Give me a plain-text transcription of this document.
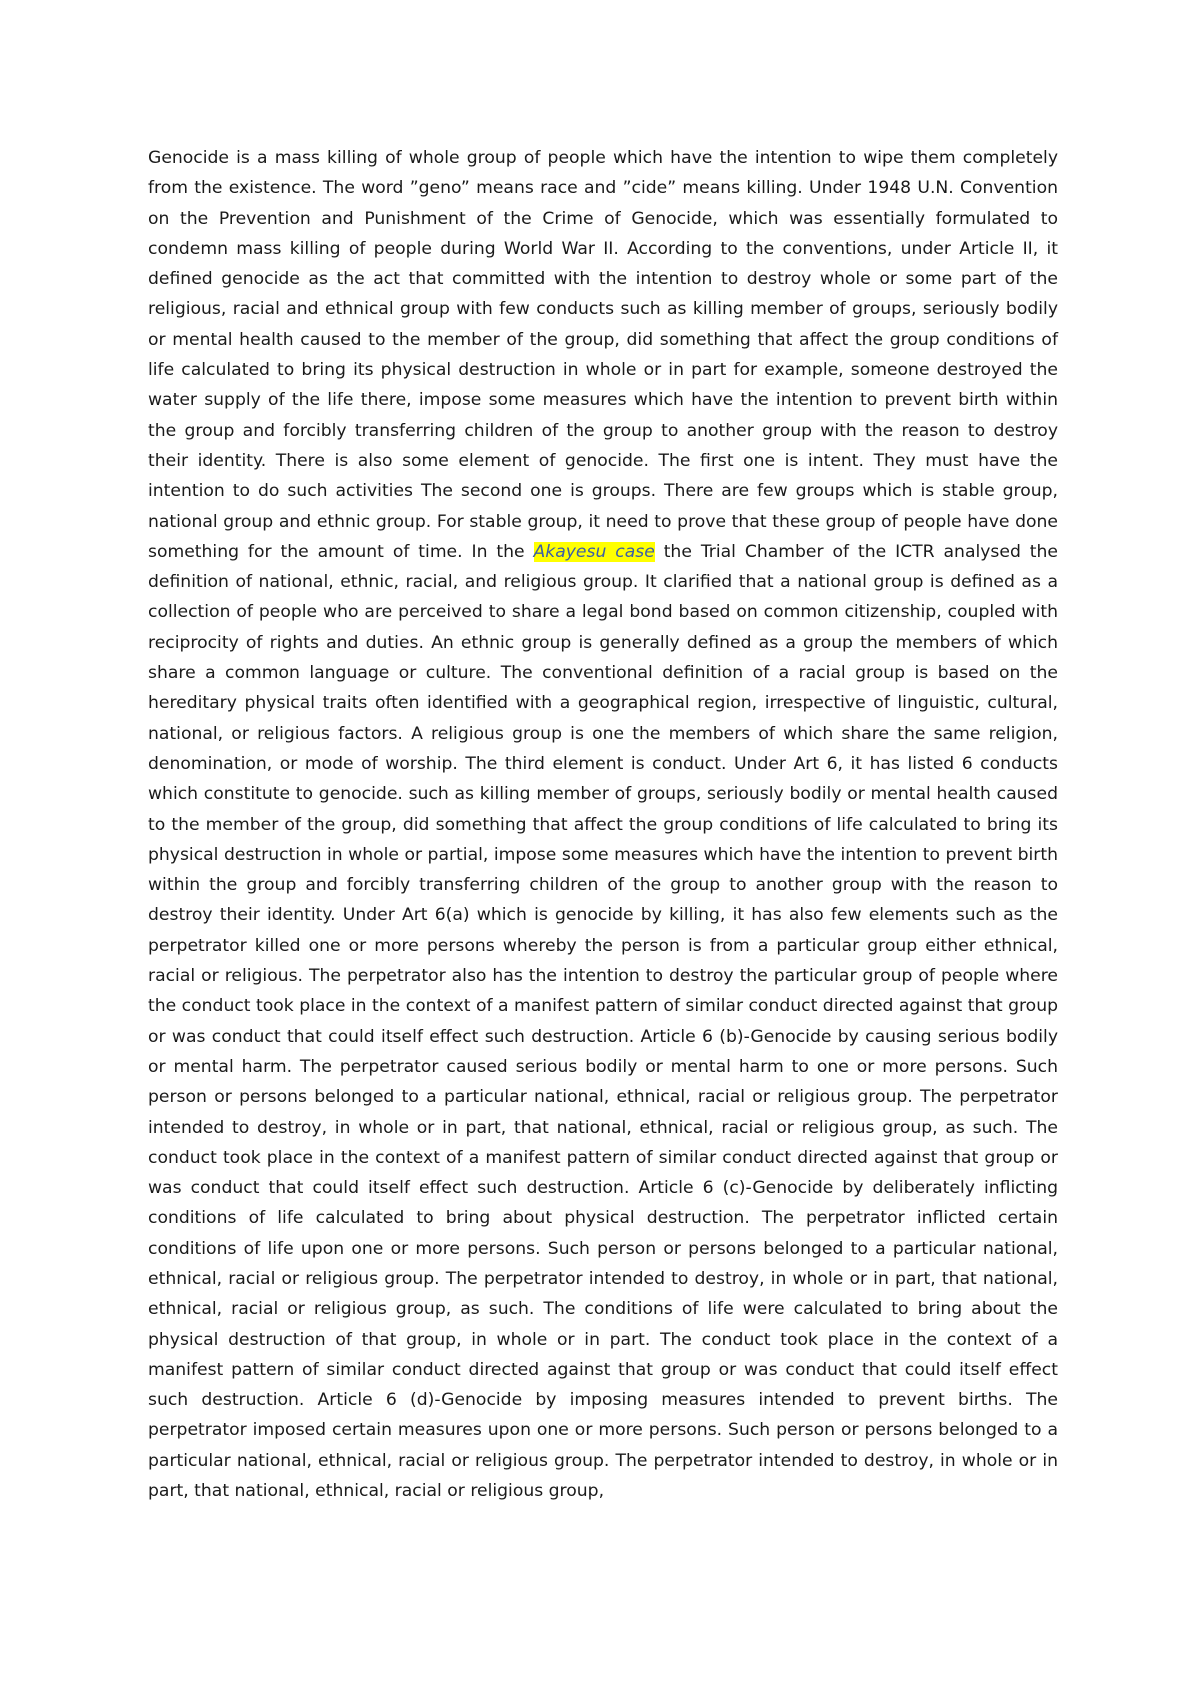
Genocide is a mass killing of whole group of people which have the intention to wipe them completely from the existence. The word ”geno” means race and ”cide” means killing. Under 1948 U.N. Convention on the Prevention and Punishment of the Crime of Genocide, which was essentially formulated to condemn mass killing of people during World War II. According to the conventions, under Article II, it defined genocide as the act that committed with the intention to destroy whole or some part of the religious, racial and ethnical group with few conducts such as killing member of groups, seriously bodily or mental health caused to the member of the group, did something that affect the group conditions of life calculated to bring its physical destruction in whole or in part for example, someone destroyed the water supply of the life there, impose some measures which have the intention to prevent birth within the group and forcibly transferring children of the group to another group with the reason to destroy their identity. There is also some element of genocide. The first one is intent. They must have the intention to do such activities The second one is groups. There are few groups which is stable group, national group and ethnic group. For stable group, it need to prove that these group of people have done something for the amount of time. In the Akayesu case the Trial Chamber of the ICTR analysed the definition of national, ethnic, racial, and religious group. It clarified that a national group is defined as a collection of people who are perceived to share a legal bond based on common citizenship, coupled with reciprocity of rights and duties. An ethnic group is generally defined as a group the members of which share a common language or culture. The conventional definition of a racial group is based on the hereditary physical traits often identified with a geographical region, irrespective of linguistic, cultural, national, or religious factors. A religious group is one the members of which share the same religion, denomination, or mode of worship. The third element is conduct. Under Art 6, it has listed 6 conducts which constitute to genocide. such as killing member of groups, seriously bodily or mental health caused to the member of the group, did something that affect the group conditions of life calculated to bring its physical destruction in whole or partial, impose some measures which have the intention to prevent birth within the group and forcibly transferring children of the group to another group with the reason to destroy their identity. Under Art 6(a) which is genocide by killing, it has also few elements such as the perpetrator killed one or more persons whereby the person is from a particular group either ethnical, racial or religious. The perpetrator also has the intention to destroy the particular group of people where the conduct took place in the context of a manifest pattern of similar conduct directed against that group or was conduct that could itself effect such destruction. Article 6 (b)-Genocide by causing serious bodily or mental harm. The perpetrator caused serious bodily or mental harm to one or more persons. Such person or persons belonged to a particular national, ethnical, racial or religious group. The perpetrator intended to destroy, in whole or in part, that national, ethnical, racial or religious group, as such. The conduct took place in the context of a manifest pattern of similar conduct directed against that group or was conduct that could itself effect such destruction. Article 6 (c)-Genocide by deliberately inflicting conditions of life calculated to bring about physical destruction. The perpetrator inflicted certain conditions of life upon one or more persons. Such person or persons belonged to a particular national, ethnical, racial or religious group. The perpetrator intended to destroy, in whole or in part, that national, ethnical, racial or religious group, as such. The conditions of life were calculated to bring about the physical destruction of that group, in whole or in part. The conduct took place in the context of a manifest pattern of similar conduct directed against that group or was conduct that could itself effect such destruction. Article 6 (d)-Genocide by imposing measures intended to prevent births. The perpetrator imposed certain measures upon one or more persons. Such person or persons belonged to a particular national, ethnical, racial or religious group. The perpetrator intended to destroy, in whole or in part, that national, ethnical, racial or religious group,
